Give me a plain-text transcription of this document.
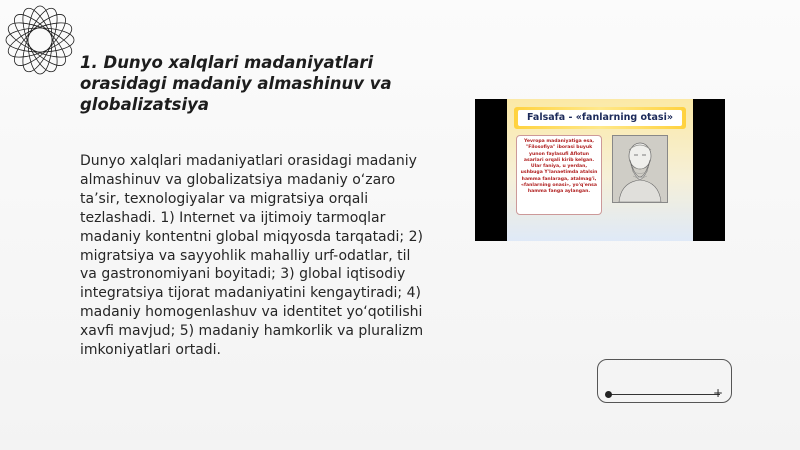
1. Dunyo xalqlari madaniyatlari orasidagi madaniy almashinuv va globalizatsiya

Dunyo xalqlari madaniyatlari orasidagi madaniy almashinuv va globalizatsiya madaniy o‘zaro ta’sir, texnologiyalar va migratsiya orqali tezlashadi. 1) Internet va ijtimoiy tarmoqlar madaniy kontentni global miqyosda tarqatadi; 2) migratsiya va sayyohlik mahalliy urf-odatlar, til va gastronomiyani boyitadi; 3) global iqtisodiy integratsiya tijorat madaniyatini kengaytiradi; 4) madaniy homogenlashuv va identitet yo‘qotilishi xavfi mavjud; 5) madaniy hamkorlik va pluralizm imkoniyatlari ortadi.

Falsafa - «fanlarning otasi»
Yevropa madaniyatiga esa, "Filosofiya" iborasi buyuk yunon faylasufi Aflotun asarlari orqali kirib kelgan. Ular faniya, u yerdan, ushbuga Y'lanaetimda atalsin hamma fanlaraga, atalmag'i, «fanlarning onasi», yo'q'ensa hamma fanga aylangan.
+
